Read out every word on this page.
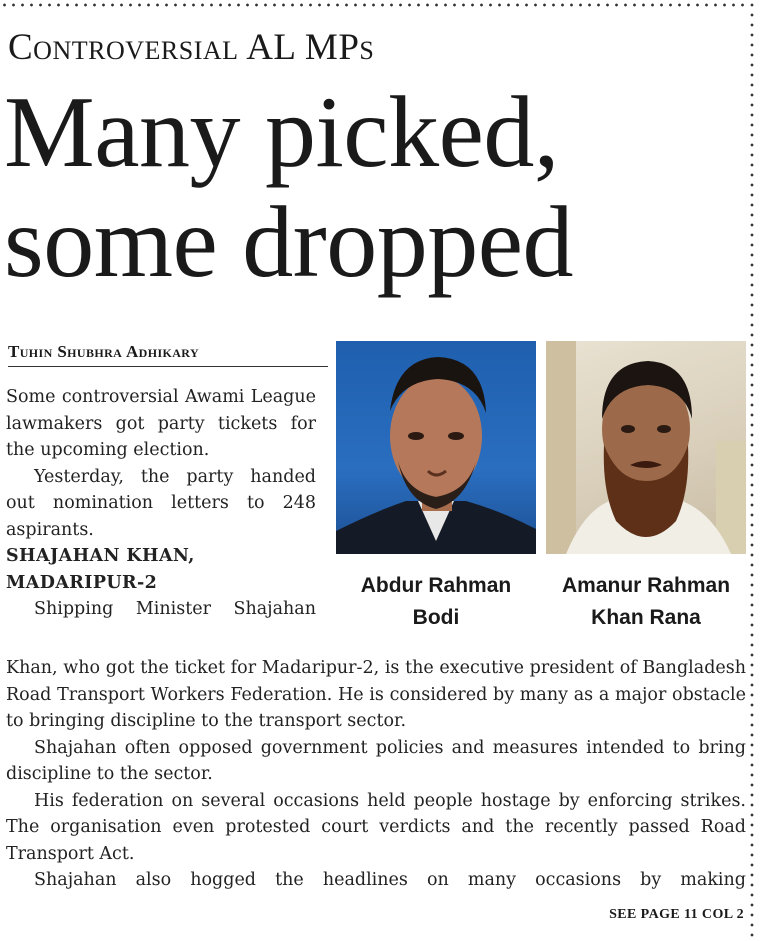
Controversial AL MPs
Many picked,
some dropped
Tuhin Shubhra Adhikary

Some controversial Awami League lawmakers got party tickets for the upcoming election.

Yesterday, the party handed out nomination letters to 248 aspirants.

SHAJAHAN KHAN,

MADARIPUR-2

Shipping Minister Shajahan

Khan, who got the ticket for Madaripur-2, is the executive president of Bangladesh Road Transport Workers Federation. He is considered by many as a major obstacle to bringing discipline to the transport sector.

Shajahan often opposed government policies and measures intended to bring discipline to the sector.

His federation on several occasions held people hostage by enforcing strikes. The organisation even protested court verdicts and the recently passed Road Transport Act.

Shajahan also hogged the headlines on many occasions by making

Abdur Rahman
Bodi
Amanur Rahman
Khan Rana
SEE PAGE 11 COL 2
